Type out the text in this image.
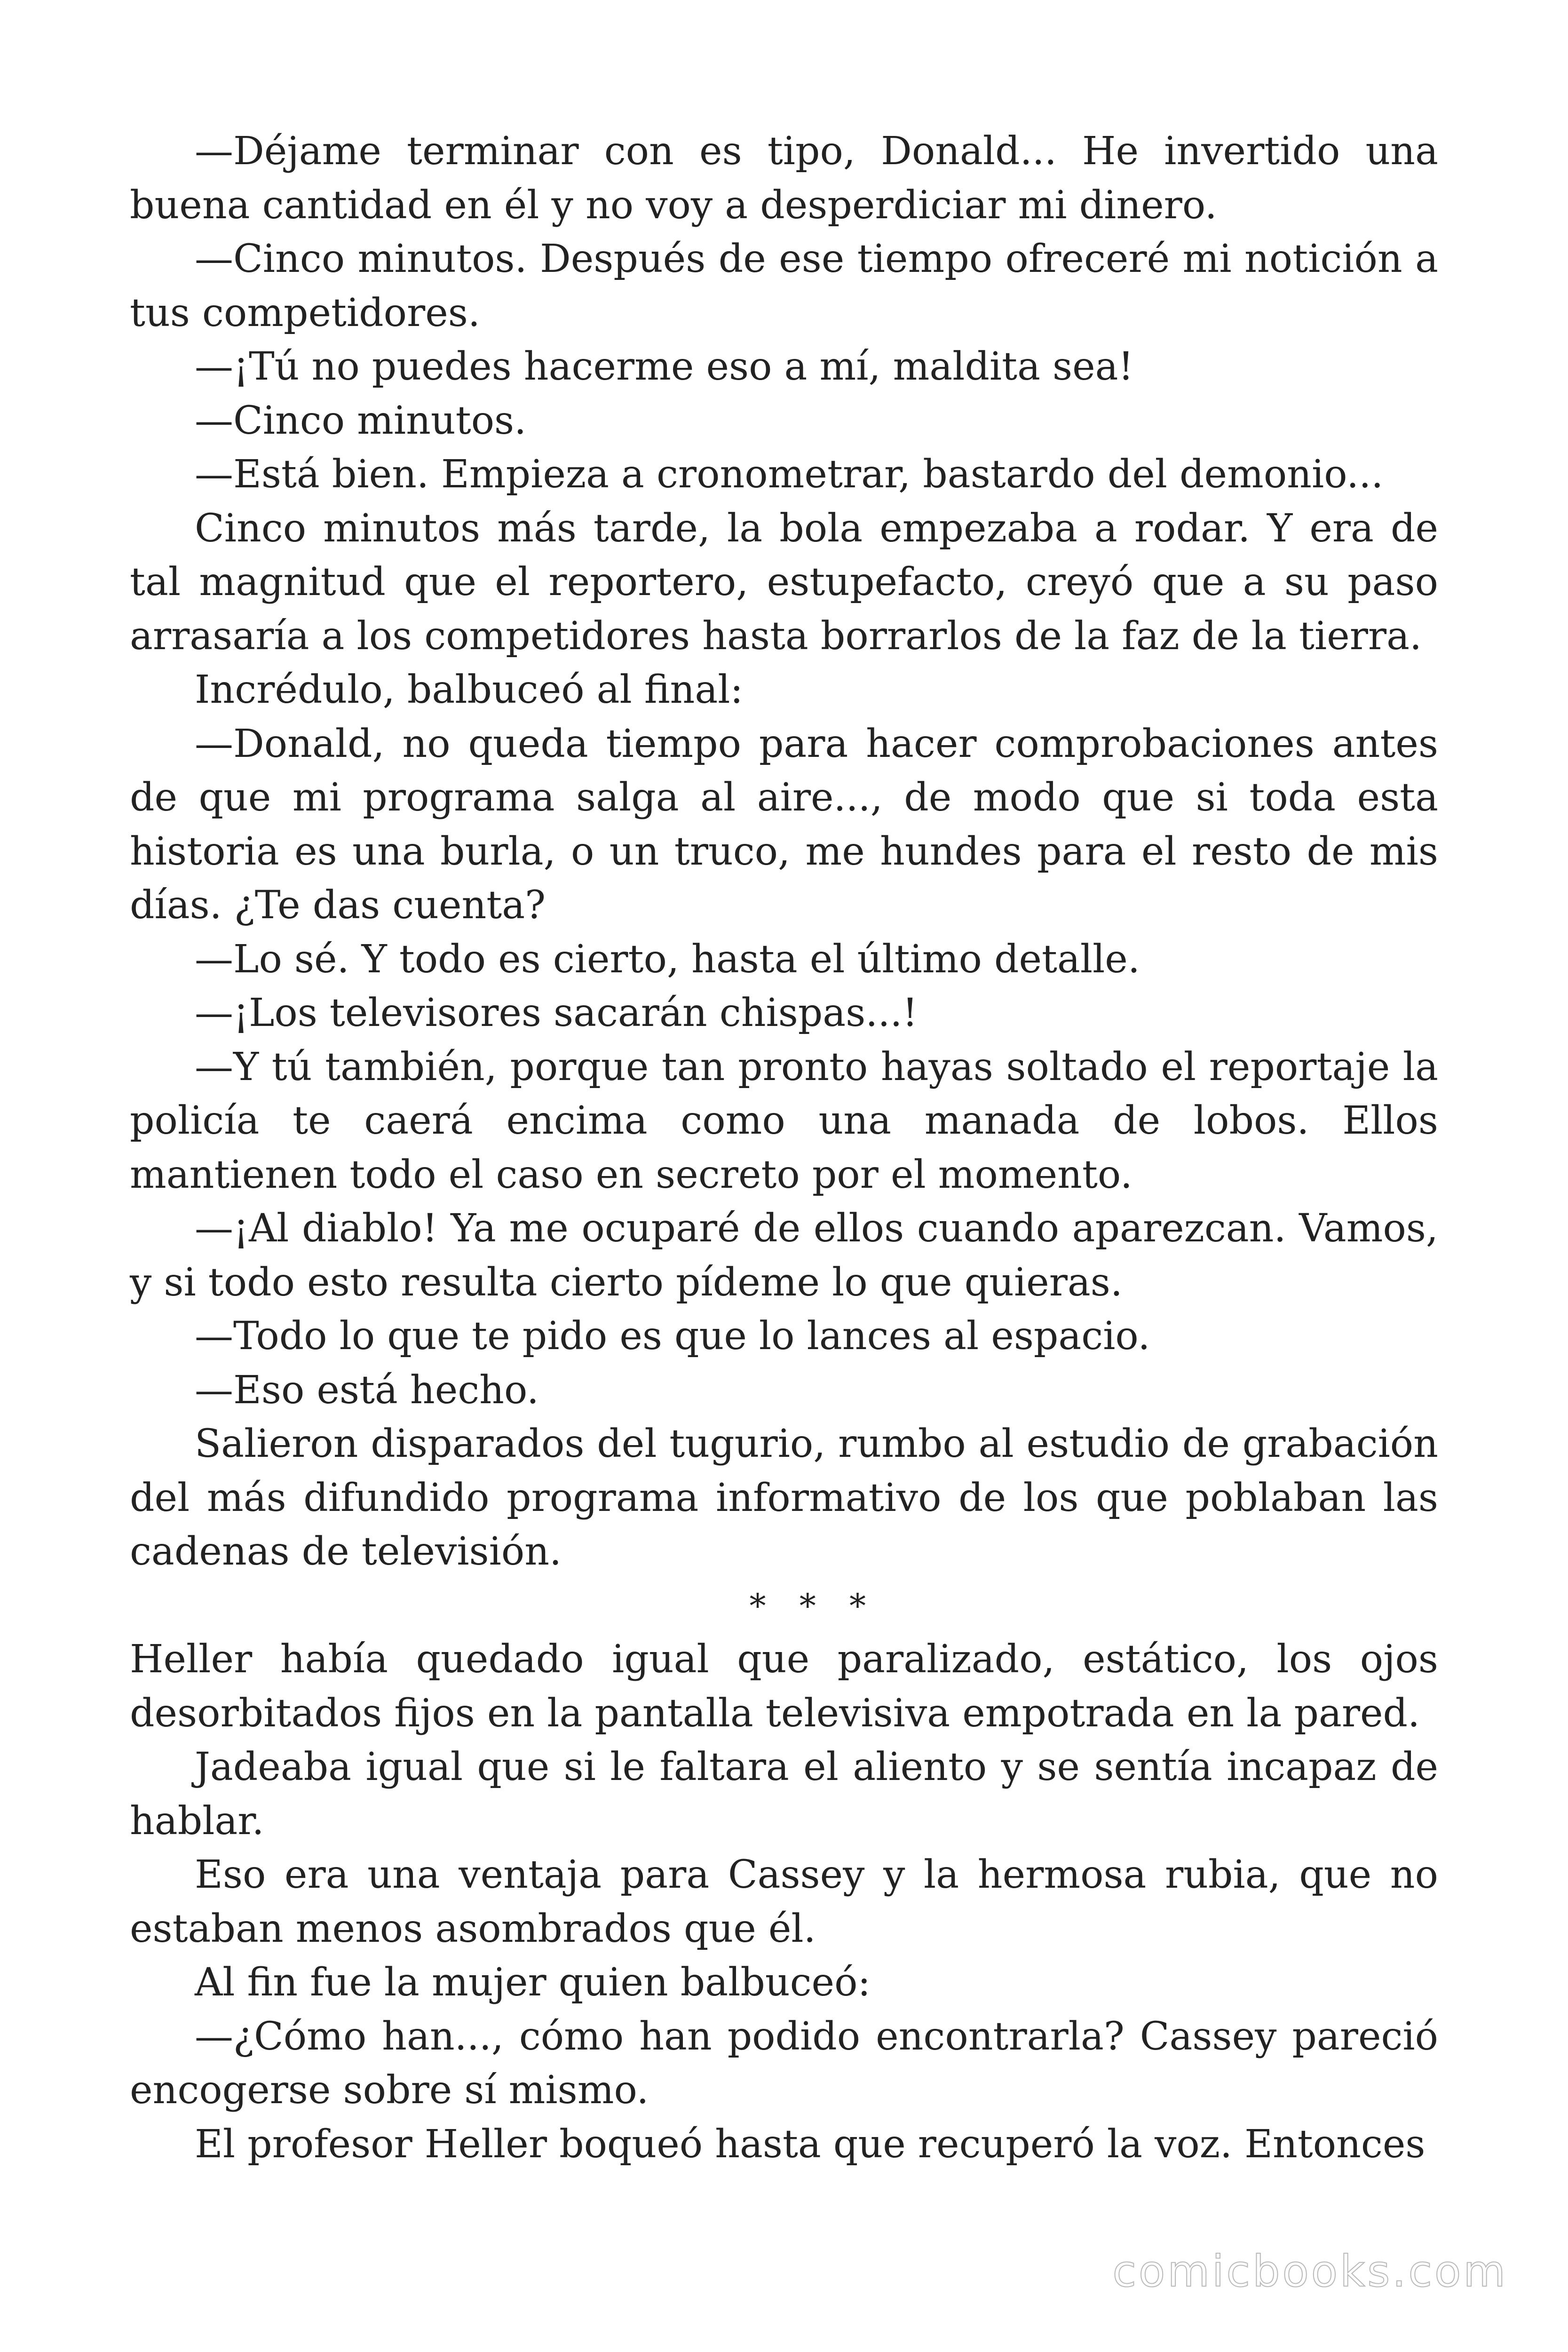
—Déjame terminar con es tipo, Donald... He invertido una buena cantidad en él y no voy a desperdiciar mi dinero.

—Cinco minutos. Después de ese tiempo ofreceré mi notición a tus competidores.

—¡Tú no puedes hacerme eso a mí, maldita sea!

—Cinco minutos.

—Está bien. Empieza a cronometrar, bastardo del demonio...

Cinco minutos más tarde, la bola empezaba a rodar. Y era de tal magnitud que el reportero, estupefacto, creyó que a su paso arrasaría a los competidores hasta borrarlos de la faz de la tierra.

Incrédulo, balbuceó al final:

—Donald, no queda tiempo para hacer comprobaciones antes de que mi programa salga al aire..., de modo que si toda esta historia es una burla, o un truco, me hundes para el resto de mis días. ¿Te das cuenta?

—Lo sé. Y todo es cierto, hasta el último detalle.

—¡Los televisores sacarán chispas...!

—Y tú también, porque tan pronto hayas soltado el reportaje la policía te caerá encima como una manada de lobos. Ellos mantienen todo el caso en secreto por el momento.

—¡Al diablo! Ya me ocuparé de ellos cuando aparezcan. Vamos, y si todo esto resulta cierto pídeme lo que quieras.

—Todo lo que te pido es que lo lances al espacio.

—Eso está hecho.

Salieron disparados del tugurio, rumbo al estudio de grabación del más difundido programa informativo de los que poblaban las cadenas de televisión.

* * *

Heller había quedado igual que paralizado, estático, los ojos desorbitados fijos en la pantalla televisiva empotrada en la pared.

Jadeaba igual que si le faltara el aliento y se sentía incapaz de hablar.

Eso era una ventaja para Cassey y la hermosa rubia, que no estaban menos asombrados que él.

Al fin fue la mujer quien balbuceó:

—¿Cómo han..., cómo han podido encontrarla? Cassey pareció encogerse sobre sí mismo.

El profesor Heller boqueó hasta que recuperó la voz. Entonces

comicbooks.com
